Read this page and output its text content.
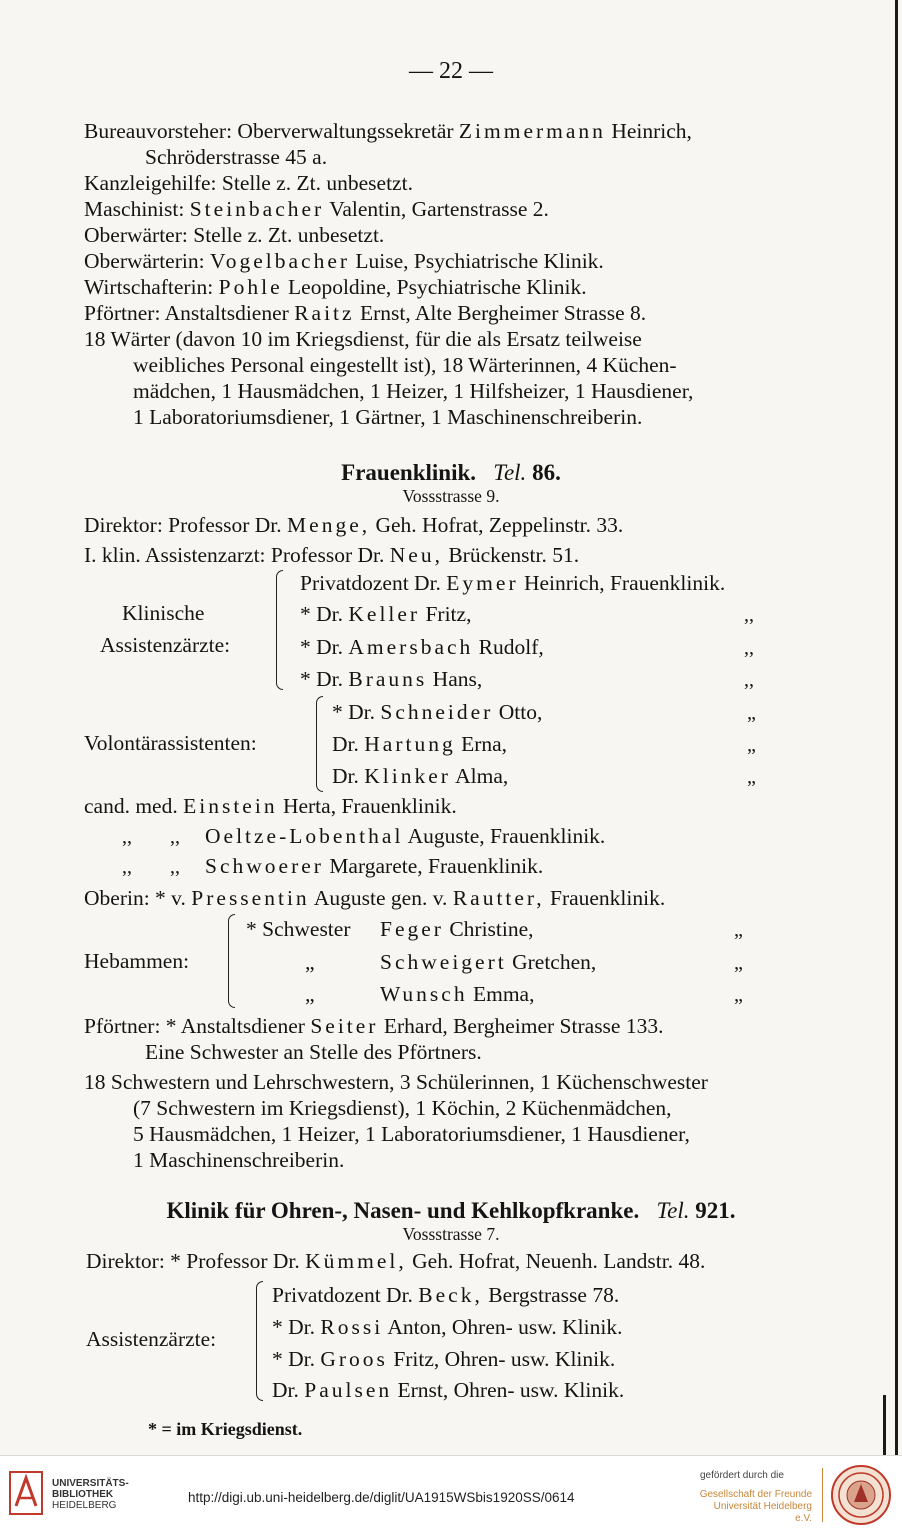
— 22 —
Bureauvorsteher: Oberverwaltungssekretär Zimmermann Heinrich,
Schröderstrasse 45 a.
Kanzleigehilfe: Stelle z. Zt. unbesetzt.
Maschinist: Steinbacher Valentin, Gartenstrasse 2.
Oberwärter: Stelle z. Zt. unbesetzt.
Oberwärterin: Vogelbacher Luise, Psychiatrische Klinik.
Wirtschafterin: Pohle Leopoldine, Psychiatrische Klinik.
Pförtner: Anstaltsdiener Raitz Ernst, Alte Bergheimer Strasse 8.
18 Wärter (davon 10 im Kriegsdienst, für die als Ersatz teilweise
weibliches Personal eingestellt ist), 18 Wärterinnen, 4 Küchen-
mädchen, 1 Hausmädchen, 1 Heizer, 1 Hilfsheizer, 1 Hausdiener,
1 Laboratoriumsdiener, 1 Gärtner, 1 Maschinenschreiberin.
Frauenklinik. Tel. 86.
Vossstrasse 9.
Direktor: Professor Dr. Menge, Geh. Hofrat, Zeppelinstr. 33.
I. klin. Assistenzarzt: Professor Dr. Neu, Brückenstr. 51.
Klinische
Assistenzärzte:
Privatdozent Dr. Eymer Heinrich, Frauenklinik.
* Dr. Keller Fritz,	,,
* Dr. Amersbach Rudolf,	,,
* Dr. Brauns Hans,	,,
Volontärassistenten:
* Dr. Schneider Otto,	„
Dr. Hartung Erna,	„
Dr. Klinker Alma,	„
cand. med. Einstein Herta, Frauenklinik.
,, ,, Oeltze-Lobenthal Auguste, Frauenklinik.
,, ,, Schwoerer Margarete, Frauenklinik.
Oberin: * v. Pressentin Auguste gen. v. Rautter, Frauenklinik.
Hebammen:
* Schwester Feger Christine,	„
„	Schweigert Gretchen,	„
„	Wunsch Emma,	„
Pförtner: * Anstaltsdiener Seiter Erhard, Bergheimer Strasse 133.
Eine Schwester an Stelle des Pförtners.
18 Schwestern und Lehrschwestern, 3 Schülerinnen, 1 Küchenschwester
(7 Schwestern im Kriegsdienst), 1 Köchin, 2 Küchenmädchen,
5 Hausmädchen, 1 Heizer, 1 Laboratoriumsdiener, 1 Hausdiener,
1 Maschinenschreiberin.
Klinik für Ohren-, Nasen- und Kehlkopfkranke. Tel. 921.
Vossstrasse 7.
Direktor: * Professor Dr. Kümmel, Geh. Hofrat, Neuenh. Landstr. 48.
Assistenzärzte:
Privatdozent Dr. Beck, Bergstrasse 78.
* Dr. Rossi Anton, Ohren- usw. Klinik.
* Dr. Groos Fritz, Ohren- usw. Klinik.
Dr. Paulsen Ernst, Ohren- usw. Klinik.
* = im Kriegsdienst.
UNIVERSITÄTS-
BIBLIOTHEK
HEIDELBERG
http://digi.ub.uni-heidelberg.de/diglit/UA1915WSbis1920SS/0614
gefördert durch die
Gesellschaft der Freunde
Universität Heidelberg e.V.
